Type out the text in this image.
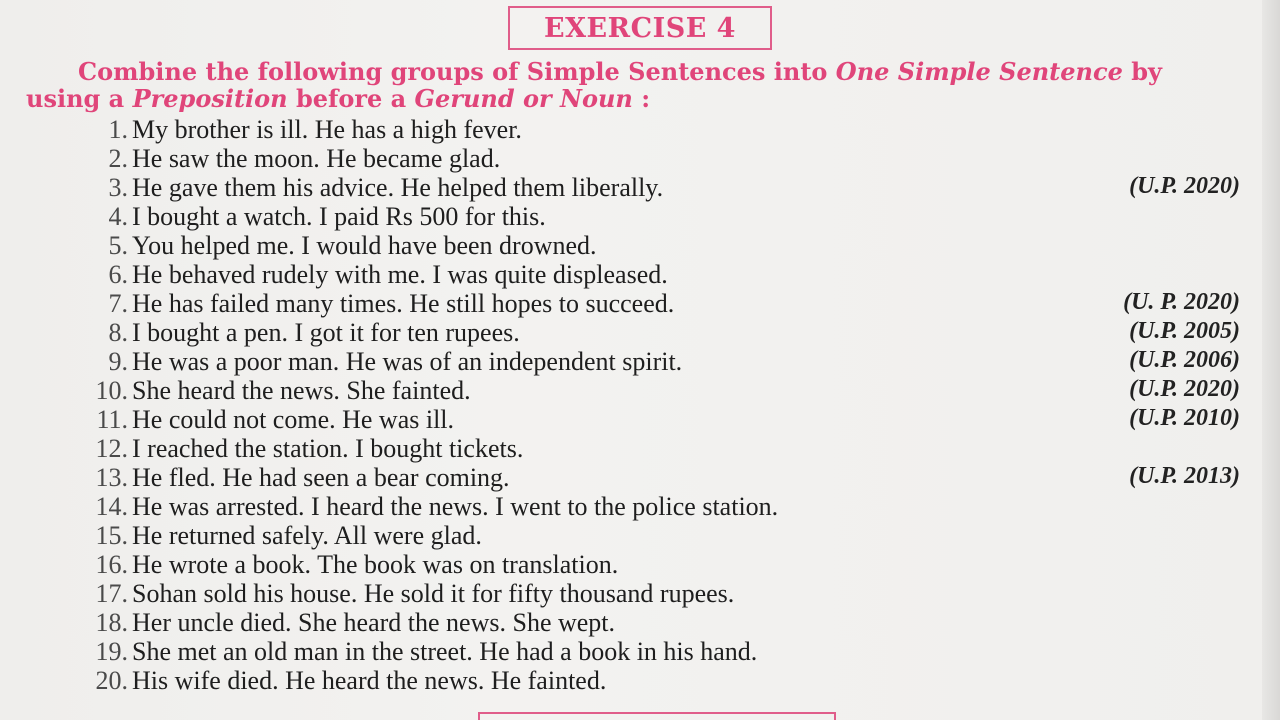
EXERCISE 4
Combine the following groups of Simple Sentences into One Simple Sentence by
using a Preposition before a Gerund or Noun :
1. My brother is ill. He has a high fever.
2. He saw the moon. He became glad.
3. He gave them his advice. He helped them liberally.	(U.P. 2020)
4. I bought a watch. I paid Rs 500 for this.
5. You helped me. I would have been drowned.
6. He behaved rudely with me. I was quite displeased.
7. He has failed many times. He still hopes to succeed.	(U. P. 2020)
8. I bought a pen. I got it for ten rupees.	(U.P. 2005)
9. He was a poor man. He was of an independent spirit.	(U.P. 2006)
10. She heard the news. She fainted.	(U.P. 2020)
11. He could not come. He was ill.	(U.P. 2010)
12. I reached the station. I bought tickets.
13. He fled. He had seen a bear coming.	(U.P. 2013)
14. He was arrested. I heard the news. I went to the police station.
15. He returned safely. All were glad.
16. He wrote a book. The book was on translation.
17. Sohan sold his house. He sold it for fifty thousand rupees.
18. Her uncle died. She heard the news. She wept.
19. She met an old man in the street. He had a book in his hand.
20. His wife died. He heard the news. He fainted.
